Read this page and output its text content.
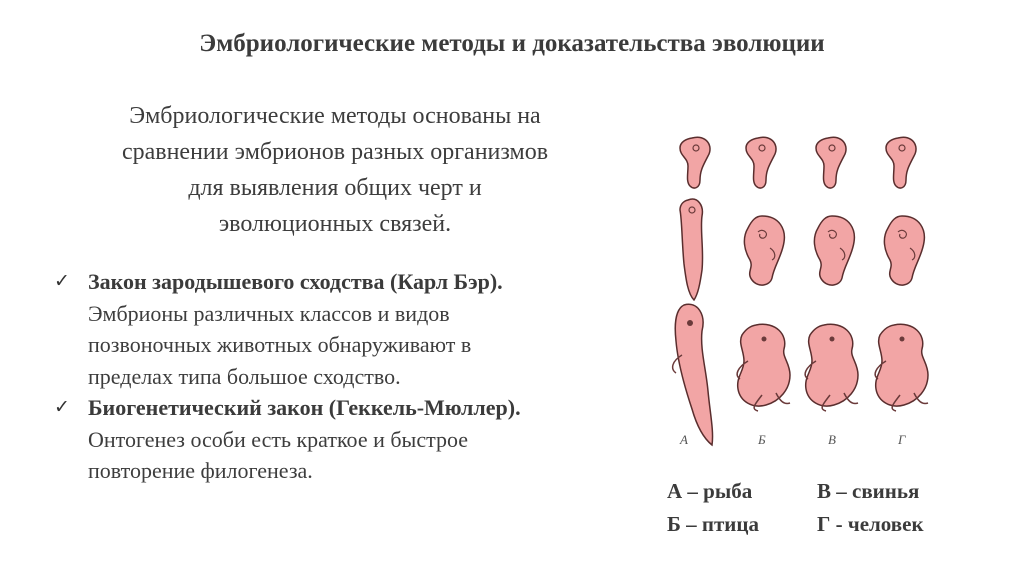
Эмбриологические методы и доказательства эволюции
Эмбриологические методы основаны на
сравнении эмбрионов разных организмов
для выявления общих черт и
эволюционных связей.
✓ Закон зародышевого сходства (Карл Бэр).
Эмбрионы различных классов и видов
позвоночных животных обнаруживают в
пределах типа большое сходство.
✓ Биогенетический закон (Геккель-Мюллер).
Онтогенез особи есть краткое и быстрое
повторение филогенеза.
А	Б	В	Г
А – рыба	В – свинья
Б – птица	Г - человек
